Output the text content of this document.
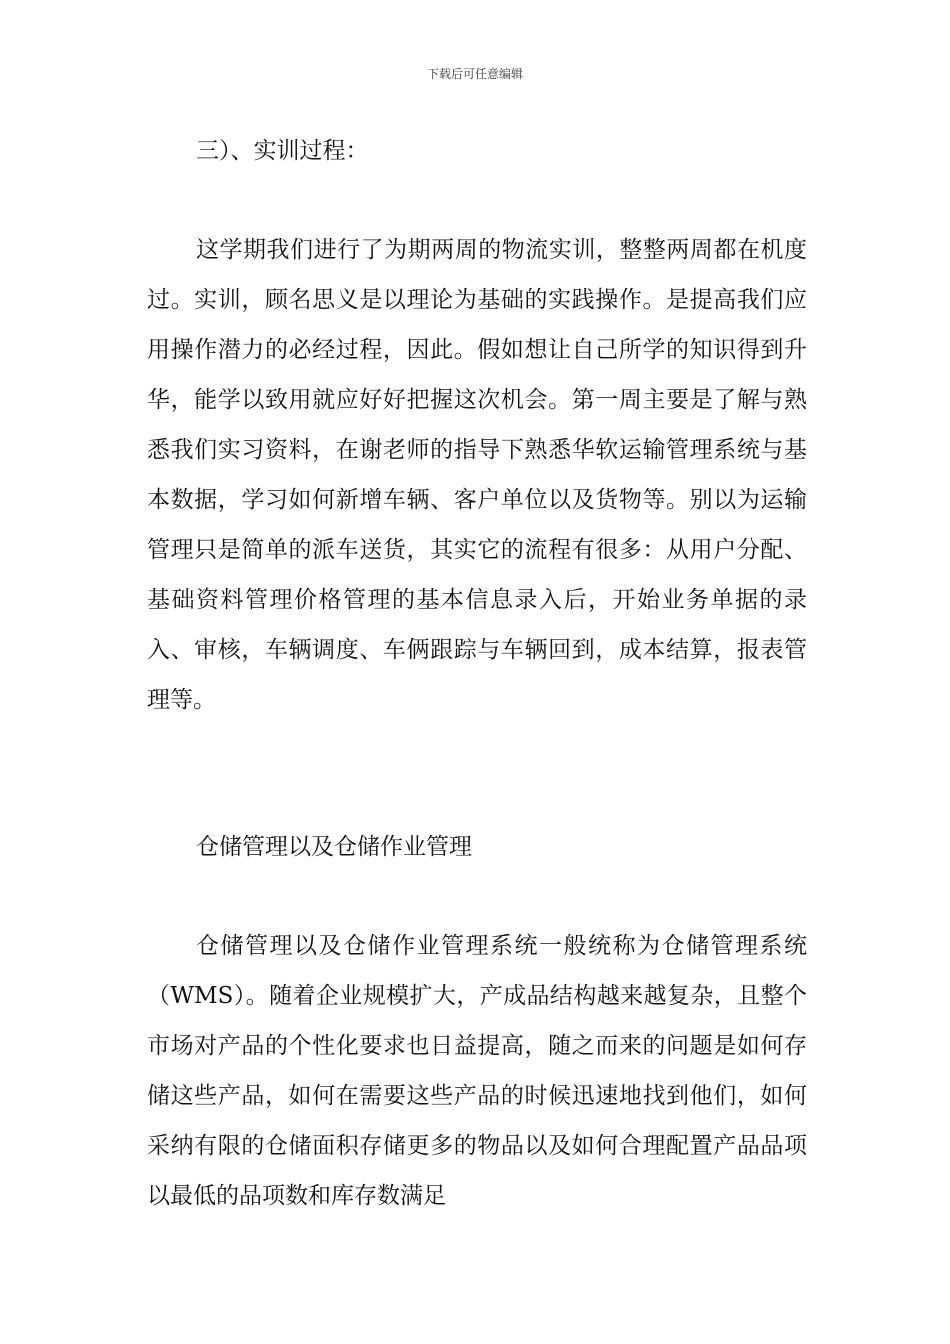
下载后可任意编辑
三）、实训过程：

这学期我们进行了为期两周的物流实训，整整两周都在机度过。实训，顾名思义是以理论为基础的实践操作。是提高我们应用操作潜力的必经过程，因此。假如想让自己所学的知识得到升华，能学以致用就应好好把握这次机会。第一周主要是了解与熟悉我们实习资料，在谢老师的指导下熟悉华软运输管理系统与基本数据，学习如何新增车辆、客户单位以及货物等。别以为运输管理只是简单的派车送货，其实它的流程有很多：从用户分配、基础资料管理价格管理的基本信息录入后，开始业务单据的录入、审核，车辆调度、车俩跟踪与车辆回到，成本结算，报表管理等。

仓储管理以及仓储作业管理

仓储管理以及仓储作业管理系统一般统称为仓储管理系统（WMS）。随着企业规模扩大，产成品结构越来越复杂，且整个市场对产品的个性化要求也日益提高，随之而来的问题是如何存储这些产品，如何在需要这些产品的时候迅速地找到他们，如何采纳有限的仓储面积存储更多的物品以及如何合理配置产品品项以最低的品项数和库存数满足
